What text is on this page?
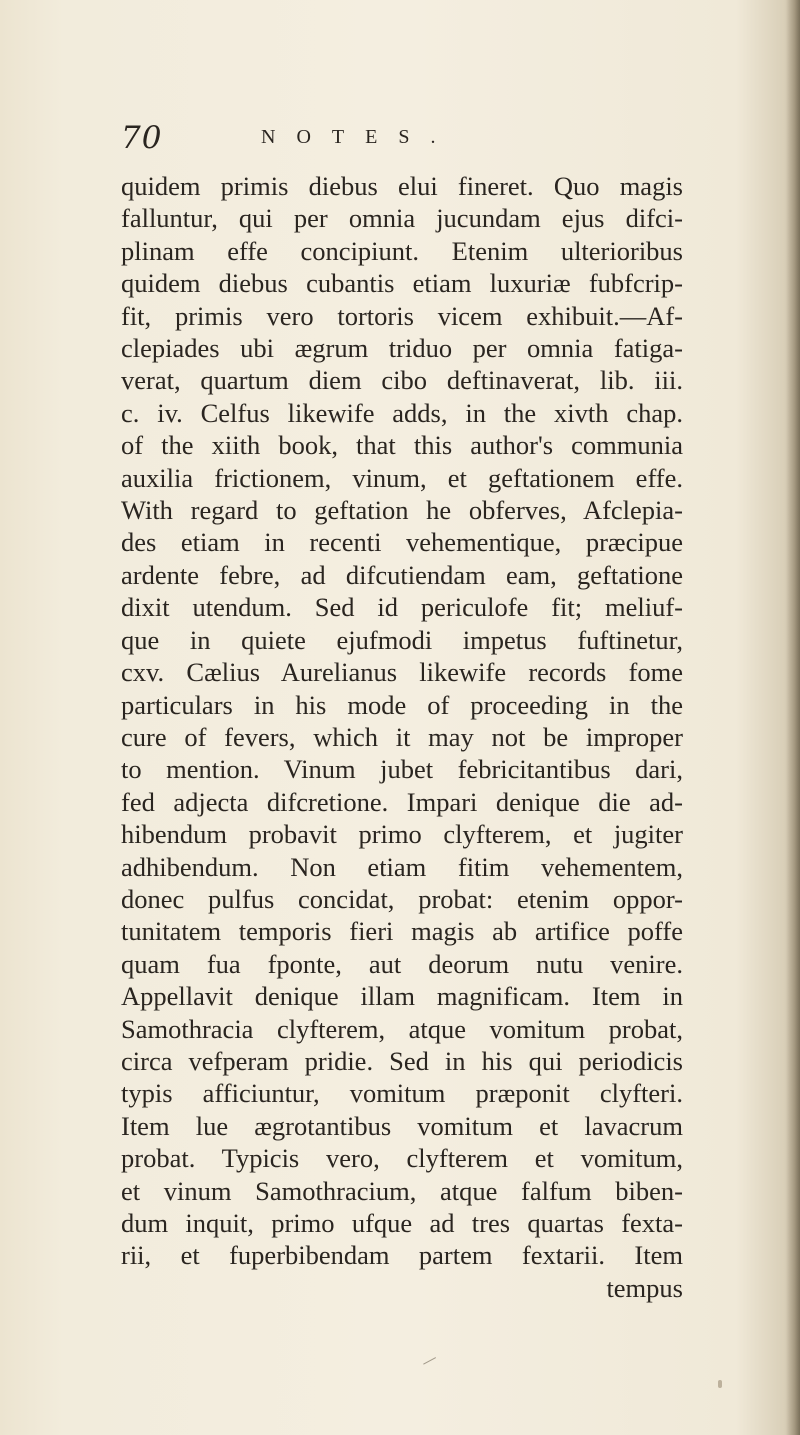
70	NOTES.
quidem primis diebus elui fineret. Quo magis
falluntur, qui per omnia jucundam ejus difci-
plinam effe concipiunt. Etenim ulterioribus
quidem diebus cubantis etiam luxuriæ fubfcrip-
fit, primis vero tortoris vicem exhibuit.—Af-
clepiades ubi ægrum triduo per omnia fatiga-
verat, quartum diem cibo deftinaverat, lib. iii.
c. iv. Celfus likewife adds, in the xivth chap.
of the xiith book, that this author's communia
auxilia frictionem, vinum, et geftationem effe.
With regard to geftation he obferves, Afclepia-
des etiam in recenti vehementique, præcipue
ardente febre, ad difcutiendam eam, geftatione
dixit utendum. Sed id periculofe fit; meliuf-
que in quiete ejufmodi impetus fuftinetur,
cxv. Cælius Aurelianus likewife records fome
particulars in his mode of proceeding in the
cure of fevers, which it may not be improper
to mention. Vinum jubet febricitantibus dari,
fed adjecta difcretione. Impari denique die ad-
hibendum probavit primo clyfterem, et jugiter
adhibendum. Non etiam fitim vehementem,
donec pulfus concidat, probat: etenim oppor-
tunitatem temporis fieri magis ab artifice poffe
quam fua fponte, aut deorum nutu venire.
Appellavit denique illam magnificam. Item in
Samothracia clyfterem, atque vomitum probat,
circa vefperam pridie. Sed in his qui periodicis
typis afficiuntur, vomitum præponit clyfteri.
Item lue ægrotantibus vomitum et lavacrum
probat. Typicis vero, clyfterem et vomitum,
et vinum Samothracium, atque falfum biben-
dum inquit, primo ufque ad tres quartas fexta-
rii, et fuperbibendam partem fextarii. Item
tempus
